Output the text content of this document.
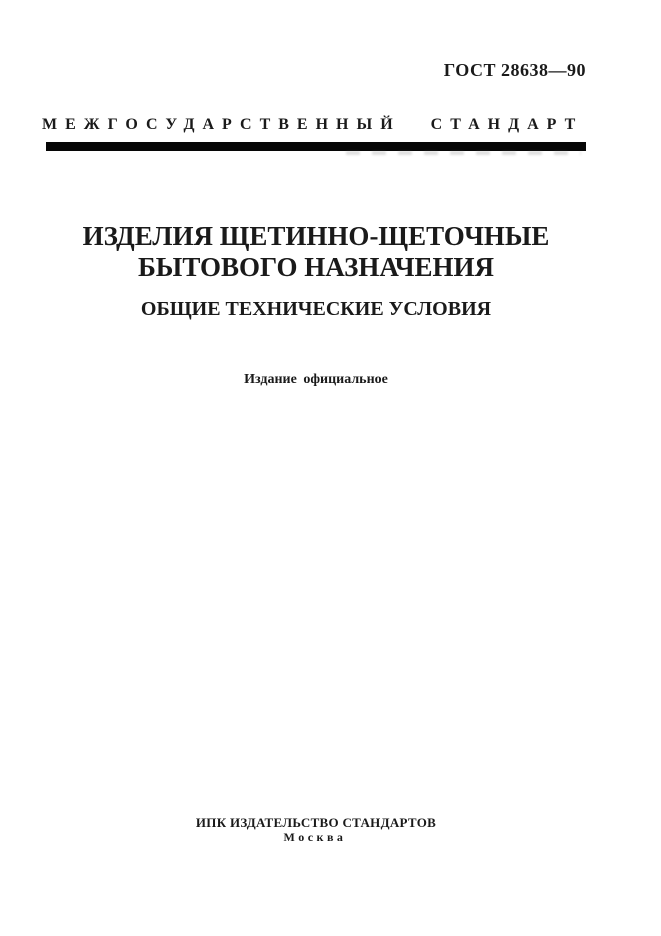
ГОСТ 28638—90
МЕЖГОСУДАРСТВЕННЫЙ СТАНДАРТ
ИЗДЕЛИЯ ЩЕТИННО-ЩЕТОЧНЫЕ
БЫТОВОГО НАЗНАЧЕНИЯ
ОБЩИЕ ТЕХНИЧЕСКИЕ УСЛОВИЯ
Издание официальное
ИПК ИЗДАТЕЛЬСТВО СТАНДАРТОВ
Москва
